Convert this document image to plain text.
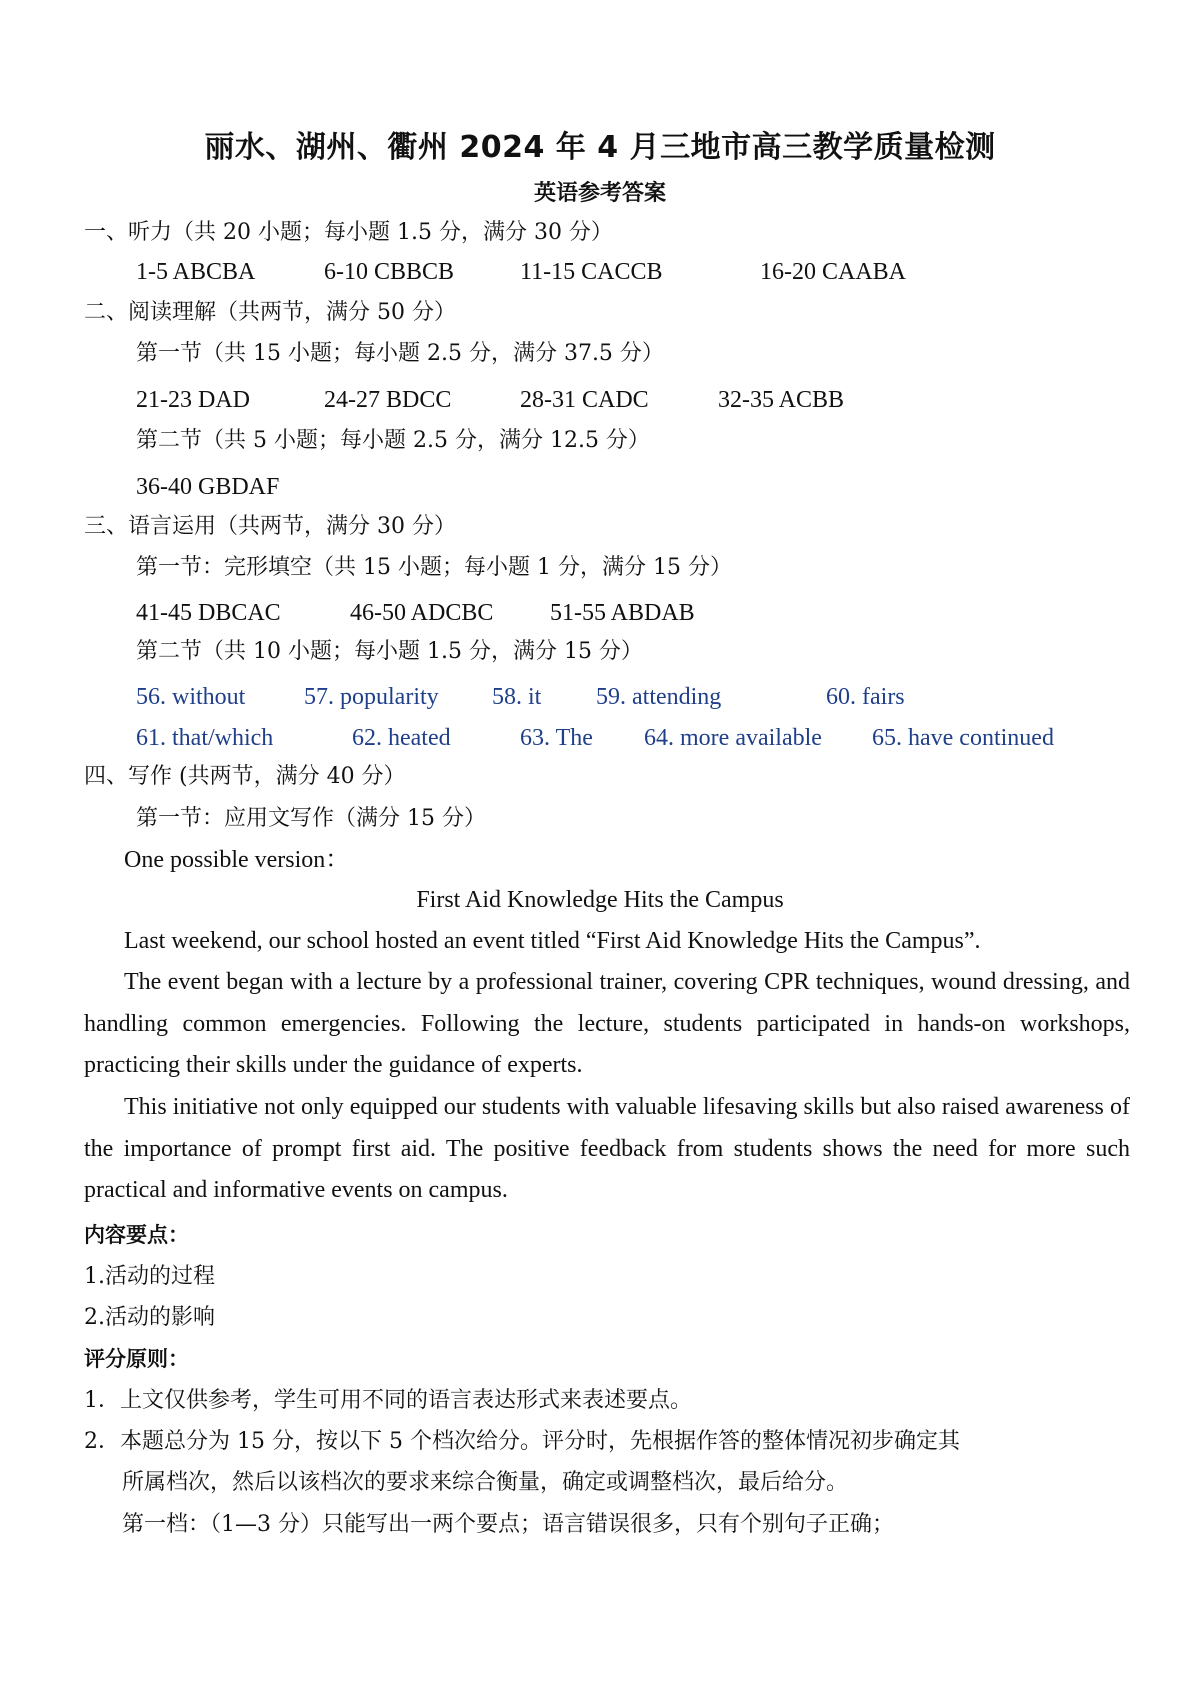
丽水、湖州、衢州 2024 年 4 月三地市高三教学质量检测
英语参考答案
一、听力（共 20 小题；每小题 1.5 分，满分 30 分）
1-5 ABCBA	6-10 CBBCB	11-15 CACCB	16-20 CAABA
二、阅读理解（共两节，满分 50 分）
第一节（共 15 小题；每小题 2.5 分，满分 37.5 分）
21-23 DAD	24-27 BDCC	28-31 CADC	32-35 ACBB
第二节（共 5 小题；每小题 2.5 分，满分 12.5 分）
36-40 GBDAF
三、语言运用（共两节，满分 30 分）
第一节：完形填空（共 15 小题；每小题 1 分，满分 15 分）
41-45 DBCAC	46-50 ADCBC 51-55 ABDAB
第二节（共 10 小题；每小题 1.5 分，满分 15 分）
56. without 57. popularity 58. it 59. attending	60. fairs
61. that/which	62. heated	63. The 64. more available 65. have continued
四、写作 (共两节，满分 40 分）
第一节：应用文写作（满分 15 分）
One possible version：
First Aid Knowledge Hits the Campus
Last weekend, our school hosted an event titled “First Aid Knowledge Hits the Campus”.
The event began with a lecture by a professional trainer, covering CPR techniques, wound dressing, and handling common emergencies. Following the lecture, students participated in hands-on workshops, practicing their skills under the guidance of experts.
This initiative not only equipped our students with valuable lifesaving skills but also raised awareness of the importance of prompt first aid. The positive feedback from students shows the need for more such practical and informative events on campus.
内容要点：
1.活动的过程
2.活动的影响
评分原则：
1．上文仅供参考，学生可用不同的语言表达形式来表述要点。
2．本题总分为 15 分，按以下 5 个档次给分。评分时，先根据作答的整体情况初步确定其
所属档次，然后以该档次的要求来综合衡量，确定或调整档次，最后给分。
第一档：（1—3 分）只能写出一两个要点；语言错误很多，只有个别句子正确；
